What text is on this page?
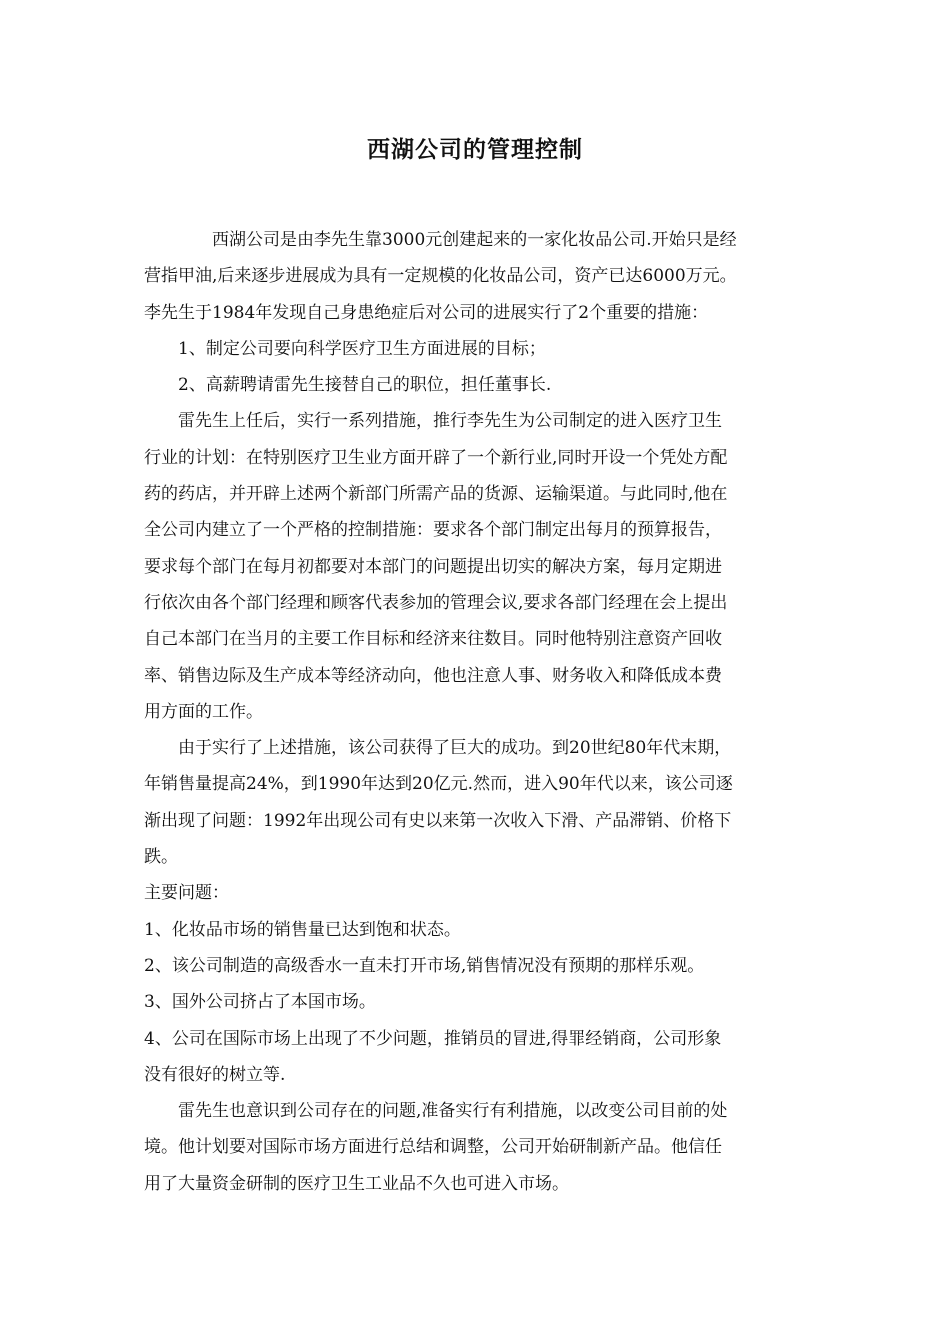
西湖公司的管理控制
西湖公司是由李先生靠3000元创建起来的一家化妆品公司.开始只是经
营指甲油,后来逐步进展成为具有一定规模的化妆品公司，资产已达6000万元。
李先生于1984年发现自己身患绝症后对公司的进展实行了2个重要的措施：
1、制定公司要向科学医疗卫生方面进展的目标；
2、高薪聘请雷先生接替自己的职位，担任董事长.
雷先生上任后，实行一系列措施，推行李先生为公司制定的进入医疗卫生
行业的计划：在特别医疗卫生业方面开辟了一个新行业,同时开设一个凭处方配
药的药店，并开辟上述两个新部门所需产品的货源、运输渠道。与此同时,他在
全公司内建立了一个严格的控制措施：要求各个部门制定出每月的预算报告，
要求每个部门在每月初都要对本部门的问题提出切实的解决方案，每月定期进
行依次由各个部门经理和顾客代表参加的管理会议,要求各部门经理在会上提出
自己本部门在当月的主要工作目标和经济来往数目。同时他特别注意资产回收
率、销售边际及生产成本等经济动向，他也注意人事、财务收入和降低成本费
用方面的工作。
由于实行了上述措施，该公司获得了巨大的成功。到20世纪80年代末期，
年销售量提高24%，到1990年达到20亿元.然而，进入90年代以来，该公司逐
渐出现了问题：1992年出现公司有史以来第一次收入下滑、产品滞销、价格下
跌。
主要问题：
1、化妆品市场的销售量已达到饱和状态。
2、该公司制造的高级香水一直未打开市场,销售情况没有预期的那样乐观。
3、国外公司挤占了本国市场。
4、公司在国际市场上出现了不少问题，推销员的冒进,得罪经销商，公司形象
没有很好的树立等.
雷先生也意识到公司存在的问题,准备实行有利措施，以改变公司目前的处
境。他计划要对国际市场方面进行总结和调整，公司开始研制新产品。他信任
用了大量资金研制的医疗卫生工业品不久也可进入市场。
